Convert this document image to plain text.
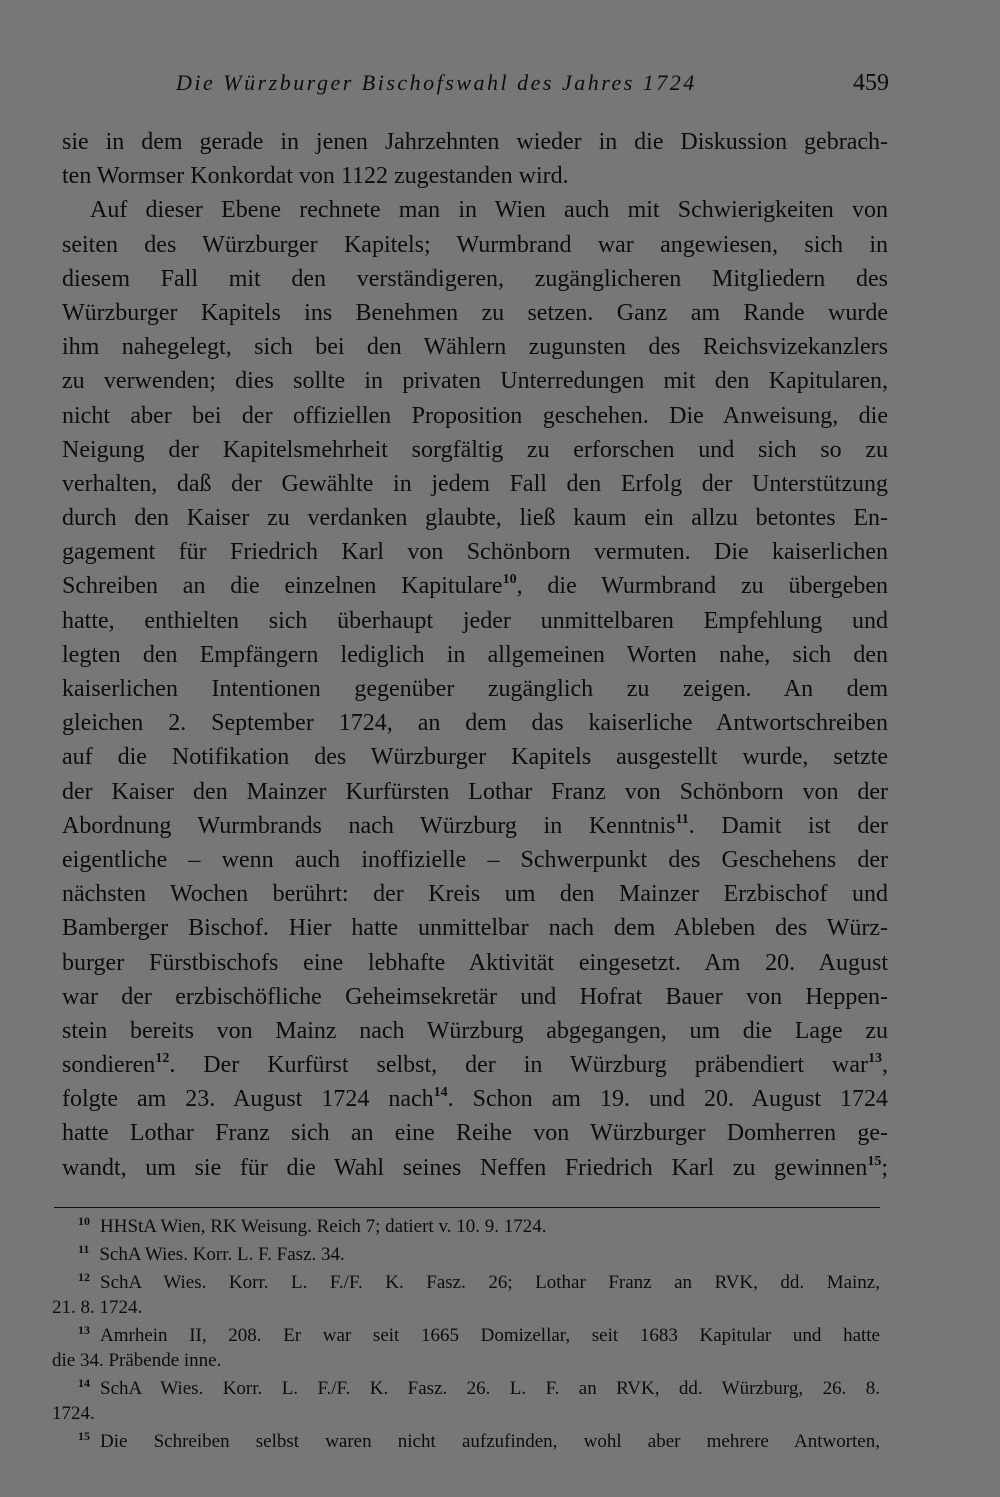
Die Würzburger Bischofswahl des Jahres 1724	459
sie in dem gerade in jenen Jahrzehnten wieder in die Diskussion gebrach-
ten Wormser Konkordat von 1122 zugestanden wird.
Auf dieser Ebene rechnete man in Wien auch mit Schwierigkeiten von
seiten des Würzburger Kapitels; Wurmbrand war angewiesen, sich in
diesem Fall mit den verständigeren, zugänglicheren Mitgliedern des
Würzburger Kapitels ins Benehmen zu setzen. Ganz am Rande wurde
ihm nahegelegt, sich bei den Wählern zugunsten des Reichsvizekanzlers
zu verwenden; dies sollte in privaten Unterredungen mit den Kapitularen,
nicht aber bei der offiziellen Proposition geschehen. Die Anweisung, die
Neigung der Kapitelsmehrheit sorgfältig zu erforschen und sich so zu
verhalten, daß der Gewählte in jedem Fall den Erfolg der Unterstützung
durch den Kaiser zu verdanken glaubte, ließ kaum ein allzu betontes En-
gagement für Friedrich Karl von Schönborn vermuten. Die kaiserlichen
Schreiben an die einzelnen Kapitulare$^{10}$, die Wurmbrand zu übergeben
hatte, enthielten sich überhaupt jeder unmittelbaren Empfehlung und
legten den Empfängern lediglich in allgemeinen Worten nahe, sich den
kaiserlichen Intentionen gegenüber zugänglich zu zeigen. An dem
gleichen 2. September 1724, an dem das kaiserliche Antwortschreiben
auf die Notifikation des Würzburger Kapitels ausgestellt wurde, setzte
der Kaiser den Mainzer Kurfürsten Lothar Franz von Schönborn von der
Abordnung Wurmbrands nach Würzburg in Kenntnis$^{11}$. Damit ist der
eigentliche – wenn auch inoffizielle – Schwerpunkt des Geschehens der
nächsten Wochen berührt: der Kreis um den Mainzer Erzbischof und
Bamberger Bischof. Hier hatte unmittelbar nach dem Ableben des Würz-
burger Fürstbischofs eine lebhafte Aktivität eingesetzt. Am 20. August
war der erzbischöfliche Geheimsekretär und Hofrat Bauer von Heppen-
stein bereits von Mainz nach Würzburg abgegangen, um die Lage zu
sondieren$^{12}$. Der Kurfürst selbst, der in Würzburg präbendiert war$^{13}$,
folgte am 23. August 1724 nach$^{14}$. Schon am 19. und 20. August 1724
hatte Lothar Franz sich an eine Reihe von Würzburger Domherren ge-
wandt, um sie für die Wahl seines Neffen Friedrich Karl zu gewinnen$^{15}$;
$^{10}$ HHStA Wien, RK Weisung. Reich 7; datiert v. 10. 9. 1724.
$^{11}$ SchA Wies. Korr. L. F. Fasz. 34.
$^{12}$ SchA Wies. Korr. L. F./F. K. Fasz. 26; Lothar Franz an RVK, dd. Mainz,
21. 8. 1724.
$^{13}$ Amrhein II, 208. Er war seit 1665 Domizellar, seit 1683 Kapitular und hatte
die 34. Präbende inne.
$^{14}$ SchA Wies. Korr. L. F./F. K. Fasz. 26. L. F. an RVK, dd. Würzburg, 26. 8.
1724.
$^{15}$ Die Schreiben selbst waren nicht aufzufinden, wohl aber mehrere Antworten,
